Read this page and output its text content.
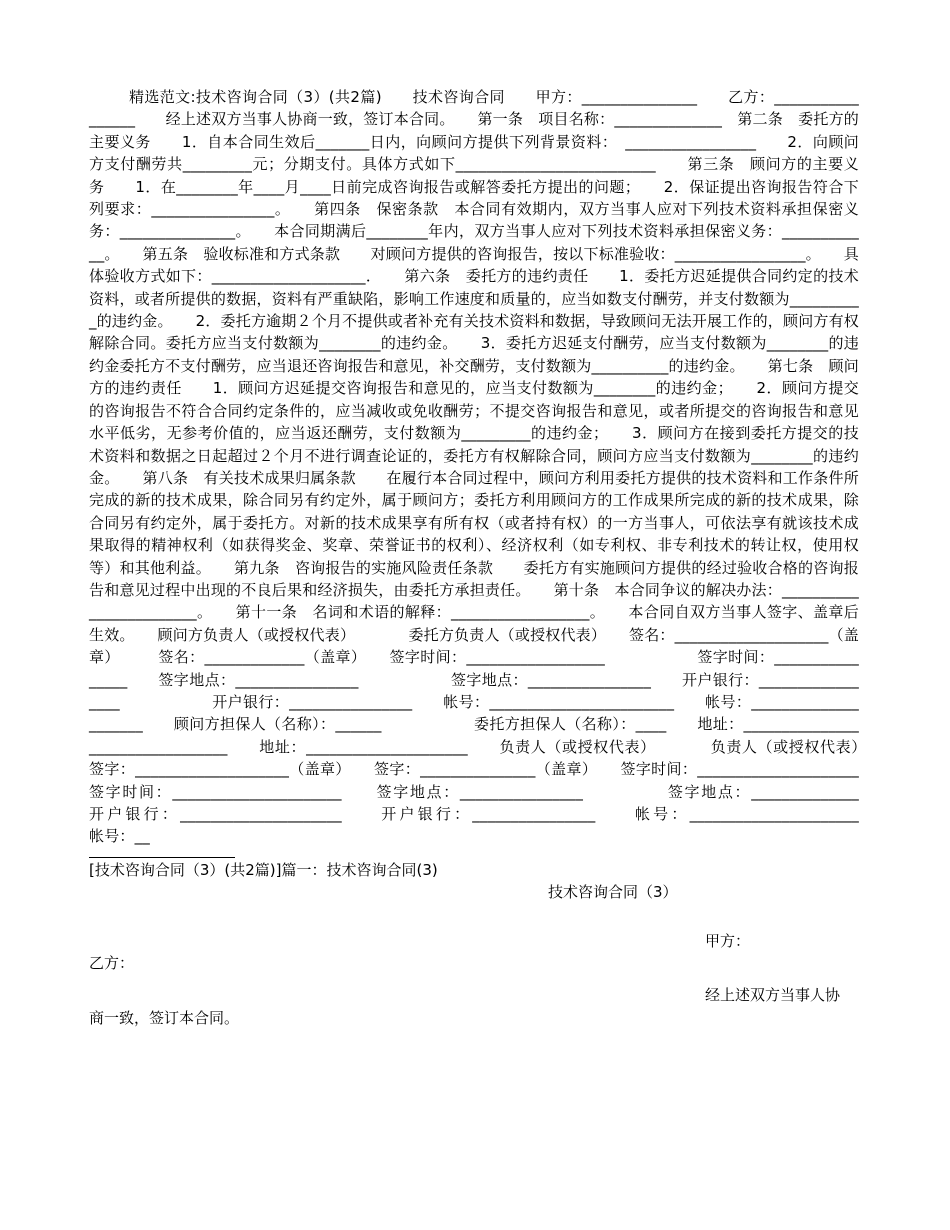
精选范文:技术咨询合同（3）(共2篇)　　技术咨询合同　　甲方：_______________　　乙方：_________________　　经上述双方当事人协商一致，签订本合同。　　第一条　项目名称：______________　第二条　委托方的主要义务　　1．自本合同生效后_______日内，向顾问方提供下列背景资料：　_________________　　2．向顾问方支付酬劳共_________元；分期支付。具体方式如下__________________________　　第三条　顾问方的主要义务　　1．在________年____月____日前完成咨询报告或解答委托方提出的问题；　　2．保证提出咨询报告符合下列要求：________________。　　第四条　保密条款　本合同有效期内，双方当事人应对下列技术资料承担保密义务：_______________。　　本合同期满后________年内，双方当事人应对下列技术资料承担保密义务：____________。　　第五条　验收标准和方式条款　　对顾问方提供的咨询报告，按以下标准验收：_________________。　　具体验收方式如下：____________________．　　第六条　委托方的违约责任　　1．委托方迟延提供合同约定的技术资料，或者所提供的数据，资料有严重缺陷，影响工作速度和质量的，应当如数支付酬劳，并支付数额为__________的违约金。　　2．委托方逾期２个月不提供或者补充有关技术资料和数据，导致顾问无法开展工作的，顾问方有权解除合同。委托方应当支付数额为________的违约金。　　3．委托方迟延支付酬劳，应当支付数额为________的违约金委托方不支付酬劳，应当退还咨询报告和意见，补交酬劳，支付数额为__________的违约金。　　第七条　顾问方的违约责任　　1．顾问方迟延提交咨询报告和意见的，应当支付数额为________的违约金；　　2．顾问方提交的咨询报告不符合合同约定条件的，应当减收或免收酬劳；不提交咨询报告和意见，或者所提交的咨询报告和意见水平低劣，无参考价值的，应当返还酬劳，支付数额为_________的违约金；　　3．顾问方在接到委托方提交的技术资料和数据之日起超过２个月不进行调查论证的，委托方有权解除合同，顾问方应当支付数额为________的违约金。　　第八条　有关技术成果归属条款　　在履行本合同过程中，顾问方利用委托方提供的技术资料和工作条件所完成的新的技术成果，除合同另有约定外，属于顾问方；委托方利用顾问方的工作成果所完成的新的技术成果，除合同另有约定外，属于委托方。对新的技术成果享有所有权（或者持有权）的一方当事人，可依法享有就该技术成果取得的精神权利（如获得奖金、奖章、荣誉证书的权利）、经济权利（如专利权、非专利技术的转让权，使用权等）和其他利益。　　第九条　咨询报告的实施风险责任条款　　委托方有实施顾问方提供的经过验收合格的咨询报告和意见过程中出现的不良后果和经济损失，由委托方承担责任。　　第十条　本合同争议的解决办法：________________________。　　第十一条　名词和术语的解释：__________________。　　本合同自双方当事人签字、盖章后生效。　　顾问方负责人（或授权代表）　　　　委托方负责人（或授权代表）　　签名：____________________（盖章）　　　签名：_____________（盖章）　　签字时间：__________________　　　　　　签字时间：________________　　签字地点：________________　　　　　　签字地点：________________　　开户银行：_________________　　　　　　开户银行：________________　　帐号：________________________　　帐号：_____________________　　顾问方担保人（名称）：______　　　　　　委托方担保人（名称）：____　　地址：_________________________________　　地址：_____________________　　负责人（或授权代表）　　　　负责人（或授权代表）　　签字：____________________（盖章）　　签字：_______________（盖章）　　签字时间：_____________________　　签字时间：______________________　　签字地点：________________　　　　　签字地点：______________　　开户银行：_____________________　　开户银行：________________　　帐号：______________________　　　　　　帐号：__

[技术咨询合同（3）(共2篇)]篇一：技术咨询合同(3)

技术咨询合同（3）

甲方：

乙方：

经上述双方当事人协

商一致，签订本合同。
